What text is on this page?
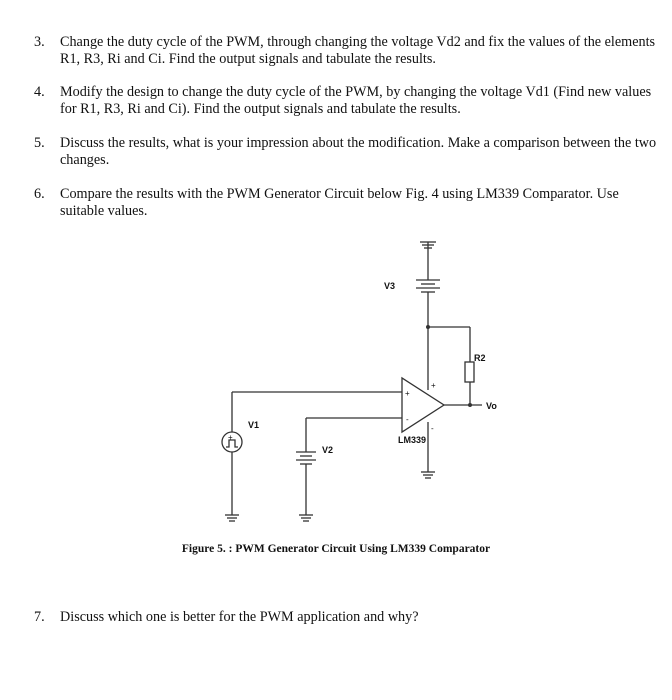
3. Change the duty cycle of the PWM, through changing the voltage Vd2 and fix the values of the elements R1, R3, Ri and Ci. Find the output signals and tabulate the results.
4. Modify the design to change the duty cycle of the PWM, by changing the voltage Vd1 (Find new values for R1, R3, Ri and Ci). Find the output signals and tabulate the results.
5. Discuss the results, what is your impression about the modification. Make a comparison between the two changes.
6. Compare the results with the PWM Generator Circuit below Fig. 4 using LM339 Comparator. Use suitable values.
V3
R2
Vo
V1
V2
LM339
+
-
+
-
+
Figure 5. : PWM Generator Circuit Using LM339 Comparator
7. Discuss which one is better for the PWM application and why?
